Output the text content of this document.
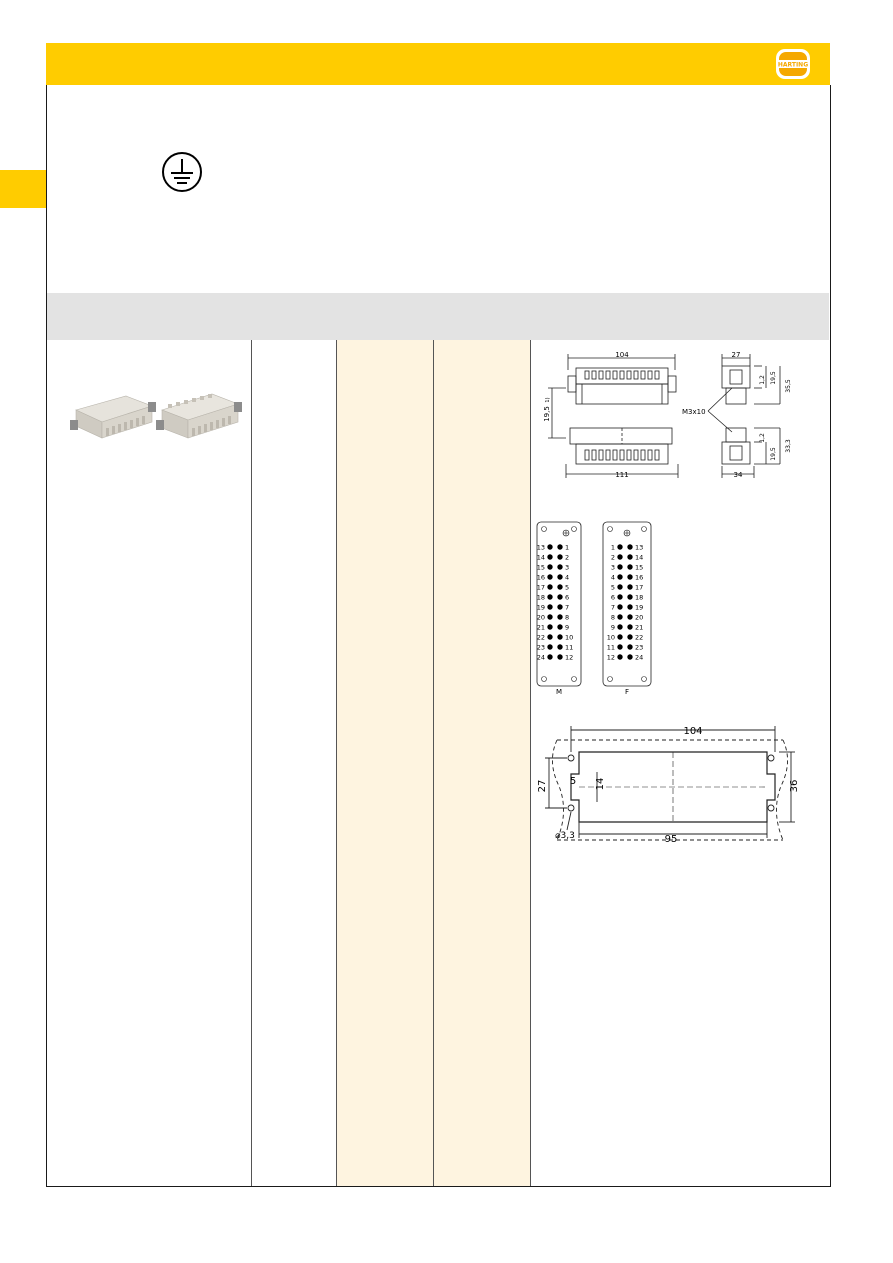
HARTING
104
19,5
1)
111
M3x10
27
1,2 19,5
35,5
1,2
19,5
33,3
34
13	1
14	2
15	3
16	4
17	5
18	6
19	7
20	8
21	9
22	10
23	11
24	12
M
1	13
2	14
3	15
4	16
5	17
6	18
7	19
8	20
9	21
10	22
11	23
12	24
F
104
27	36
5 14
⌀3,3	95
